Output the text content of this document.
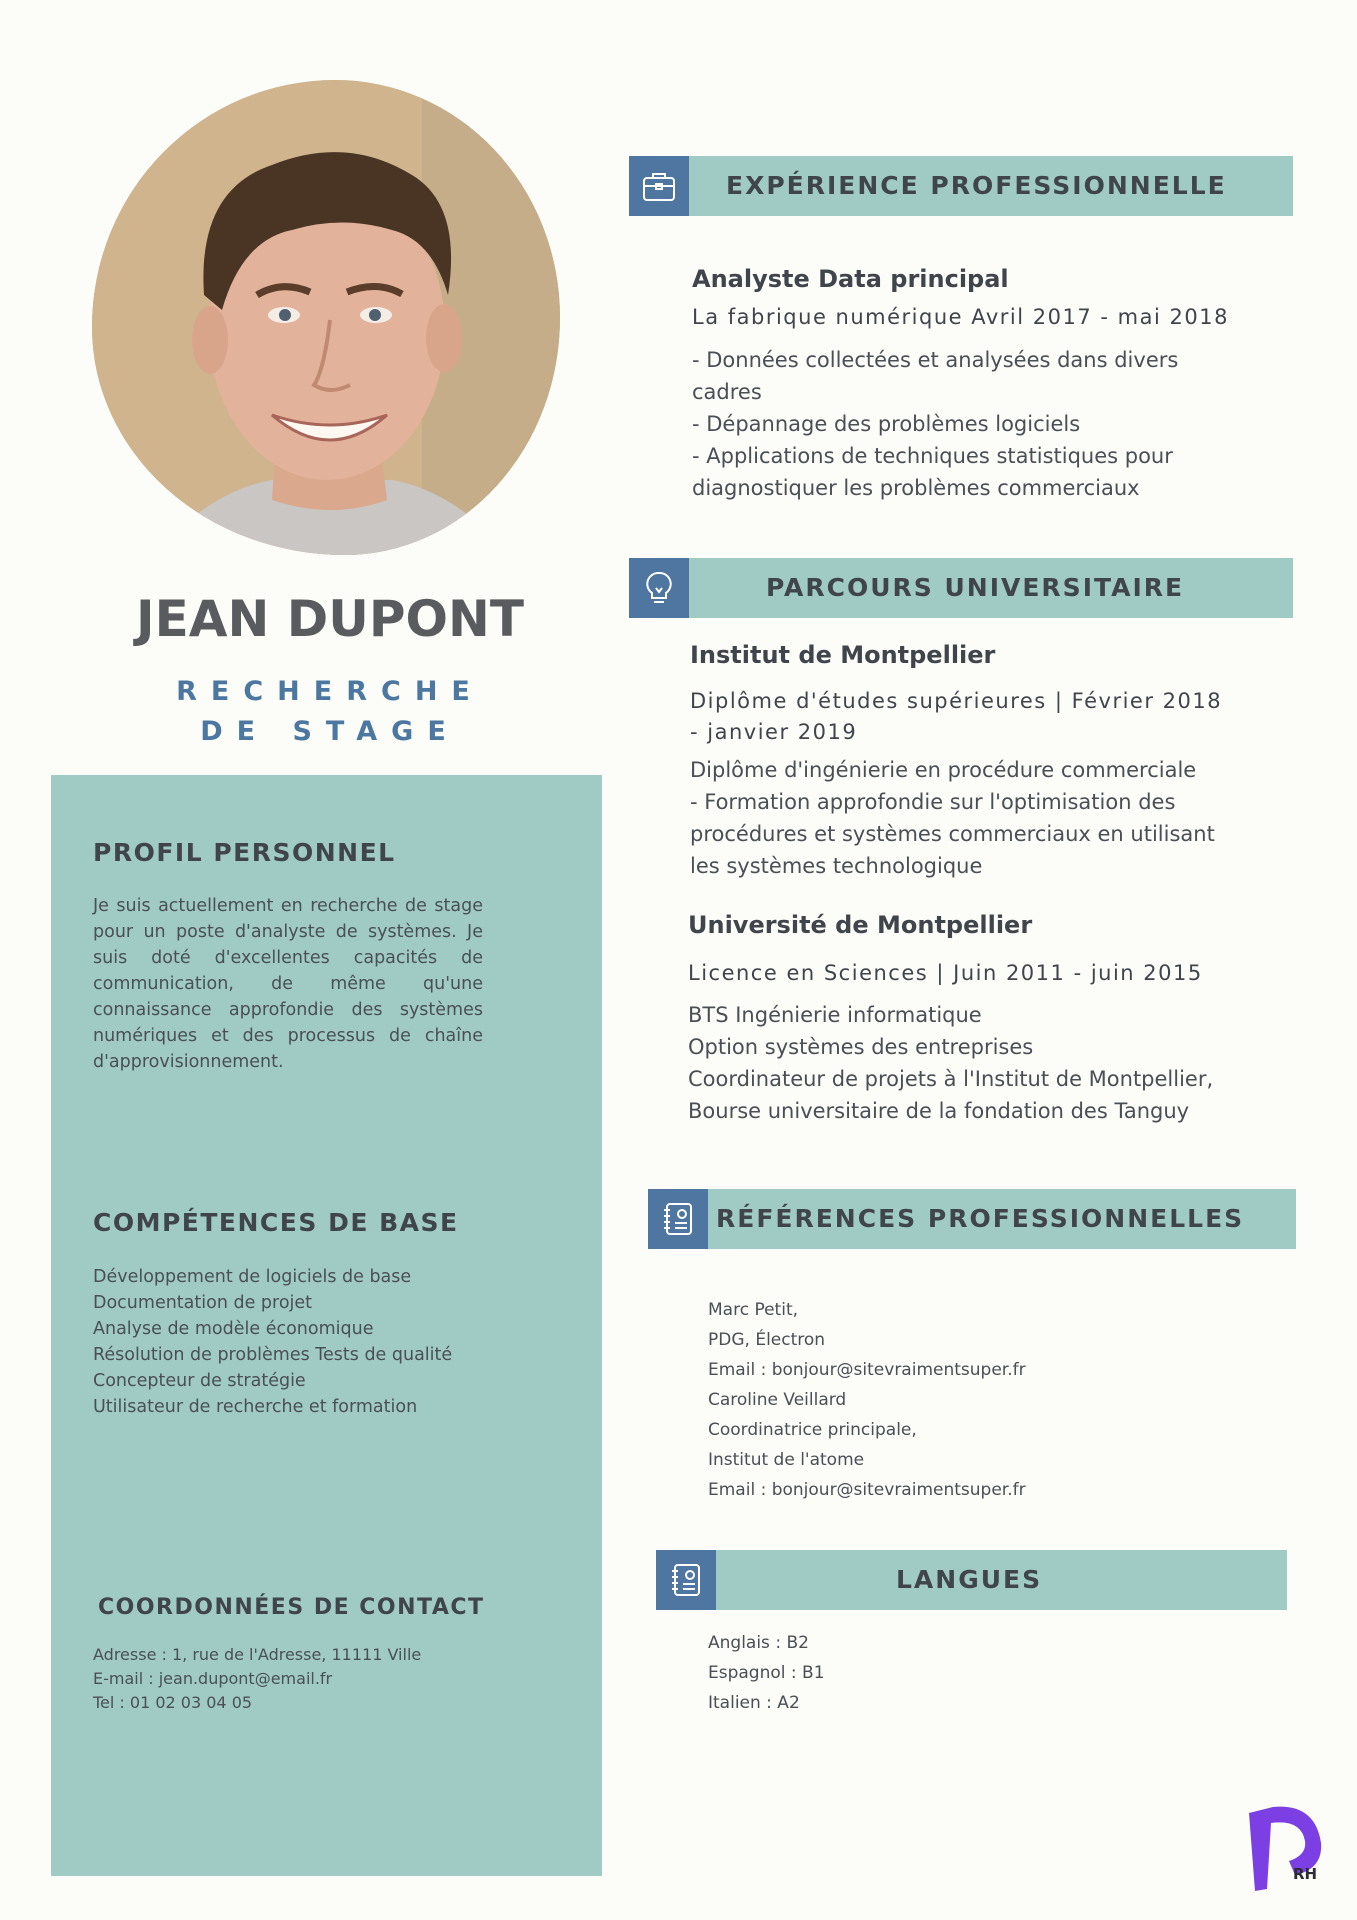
JEAN DUPONT
RECHERCHE
DE STAGE
PROFIL PERSONNEL
Je suis actuellement en recherche de stage pour un poste d'analyste de systèmes. Je suis doté d'excellentes capacités de communication, de même qu'une connaissance approfondie des systèmes numériques et des processus de chaîne d'approvisionnement.
COMPÉTENCES DE BASE
Développement de logiciels de base
Documentation de projet
Analyse de modèle économique
Résolution de problèmes Tests de qualité
Concepteur de stratégie
Utilisateur de recherche et formation
COORDONNÉES DE CONTACT
Adresse : 1, rue de l'Adresse, 11111 Ville
E-mail : jean.dupont@email.fr
Tel : 01 02 03 04 05
EXPÉRIENCE PROFESSIONNELLE
Analyste Data principal
La fabrique numérique Avril 2017 - mai 2018
- Données collectées et analysées dans divers
cadres
- Dépannage des problèmes logiciels
- Applications de techniques statistiques pour
diagnostiquer les problèmes commerciaux
PARCOURS UNIVERSITAIRE
Institut de Montpellier
Diplôme d'études supérieures | Février 2018
- janvier 2019
Diplôme d'ingénierie en procédure commerciale
- Formation approfondie sur l'optimisation des
procédures et systèmes commerciaux en utilisant
les systèmes technologique
Université de Montpellier
Licence en Sciences | Juin 2011 - juin 2015
BTS Ingénierie informatique
Option systèmes des entreprises
Coordinateur de projets à l'Institut de Montpellier,
Bourse universitaire de la fondation des Tanguy
RÉFÉRENCES PROFESSIONNELLES
Marc Petit,
PDG, Électron
Email : bonjour@sitevraimentsuper.fr
Caroline Veillard
Coordinatrice principale,
Institut de l'atome
Email : bonjour@sitevraimentsuper.fr
LANGUES
Anglais : B2
Espagnol : B1
Italien : A2
RH
